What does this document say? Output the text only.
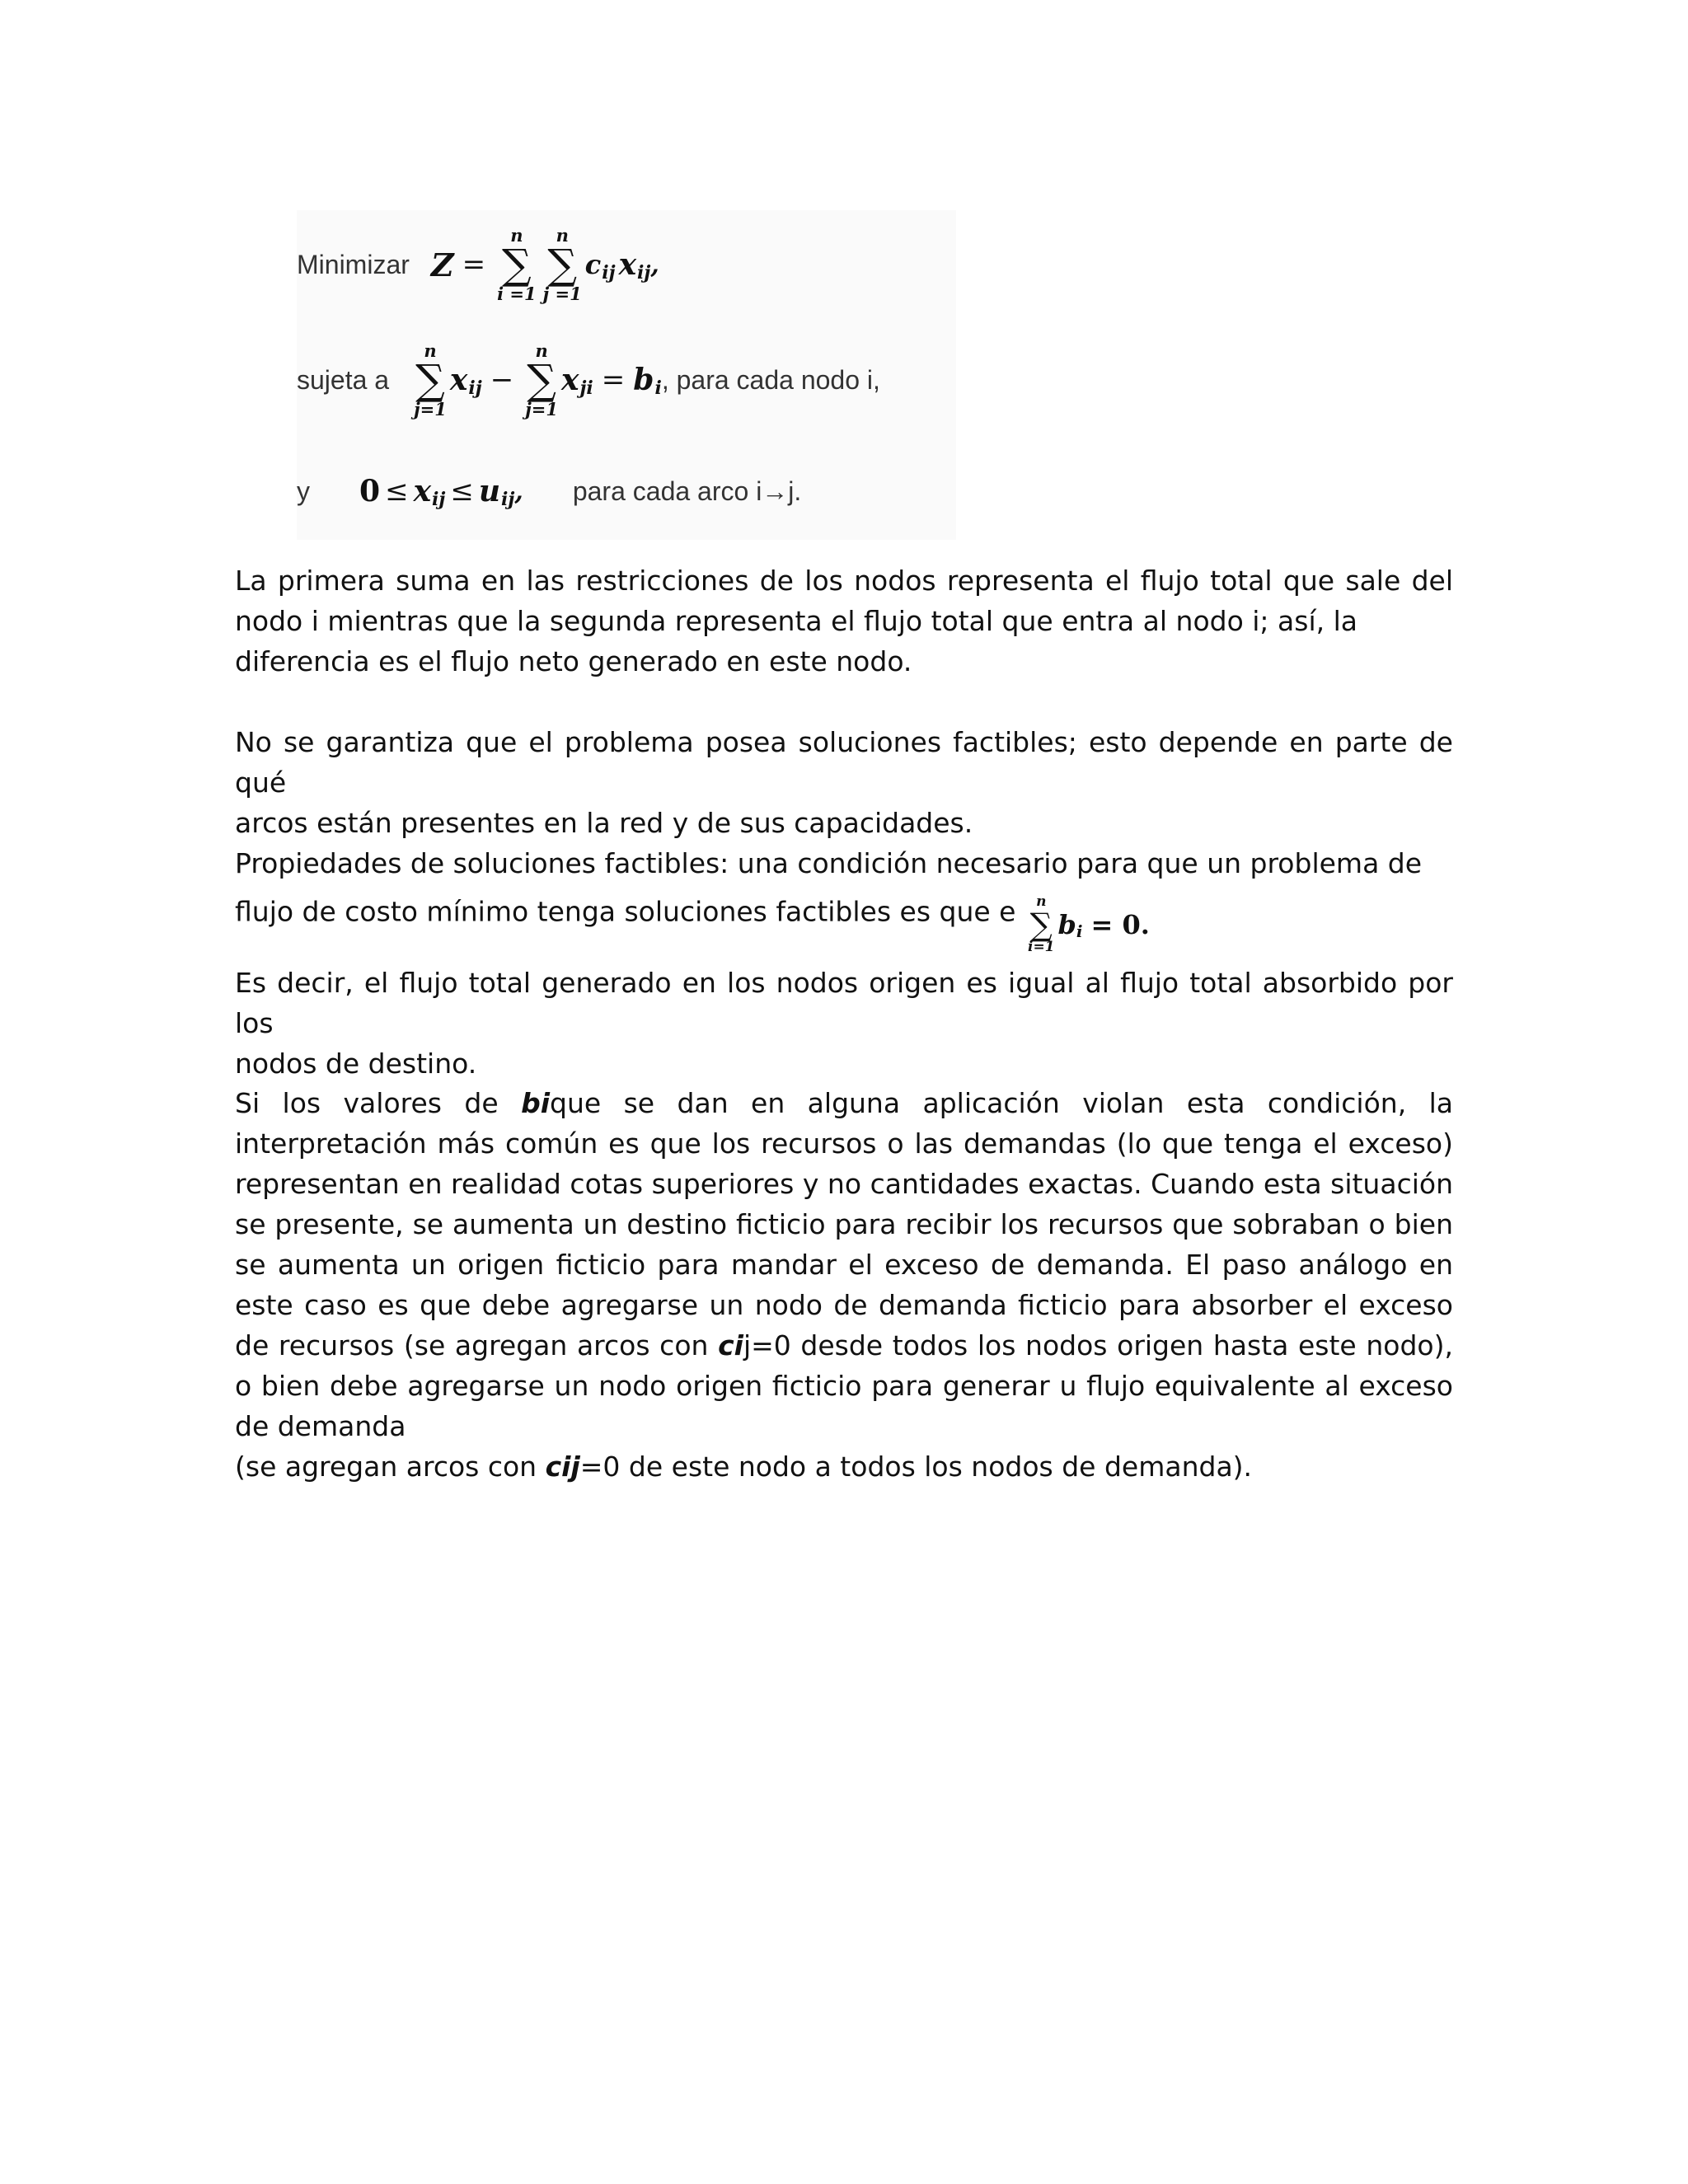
Minimizar Z =
n
∑
i =1
n
∑
j =1
c ij x ij ,
sujeta a
n
∑
j=1
x ij −
n
∑
j=1
x ji = b i , para cada nodo i,
y 0 ≤ x ij ≤ u ij , para cada arco i→j.
La primera suma en las restricciones de los nodos representa el flujo total que sale del nodo i mientras que la segunda representa el flujo total que entra al nodo i; así, la
diferencia es el flujo neto generado en este nodo.
No se garantiza que el problema posea soluciones factibles; esto depende en parte de qué
arcos están presentes en la red y de sus capacidades.
Propiedades de soluciones factibles: una condición necesario para que un problema de
flujo de costo mínimo tenga soluciones factibles es que e n
∑
i=1
b i = 0.
Es decir, el flujo total generado en los nodos origen es igual al flujo total absorbido por los
nodos de destino.
Si los valores de bique se dan en alguna aplicación violan esta condición, la interpretación más común es que los recursos o las demandas (lo que tenga el exceso) representan en realidad cotas superiores y no cantidades exactas. Cuando esta situación se presente, se aumenta un destino ficticio para recibir los recursos que sobraban o bien se aumenta un origen ficticio para mandar el exceso de demanda. El paso análogo en este caso es que debe agregarse un nodo de demanda ficticio para absorber el exceso de recursos (se agregan arcos con cij=0 desde todos los nodos origen hasta este nodo), o bien debe agregarse un nodo origen ficticio para generar u flujo equivalente al exceso de demanda
(se agregan arcos con cij=0 de este nodo a todos los nodos de demanda).
